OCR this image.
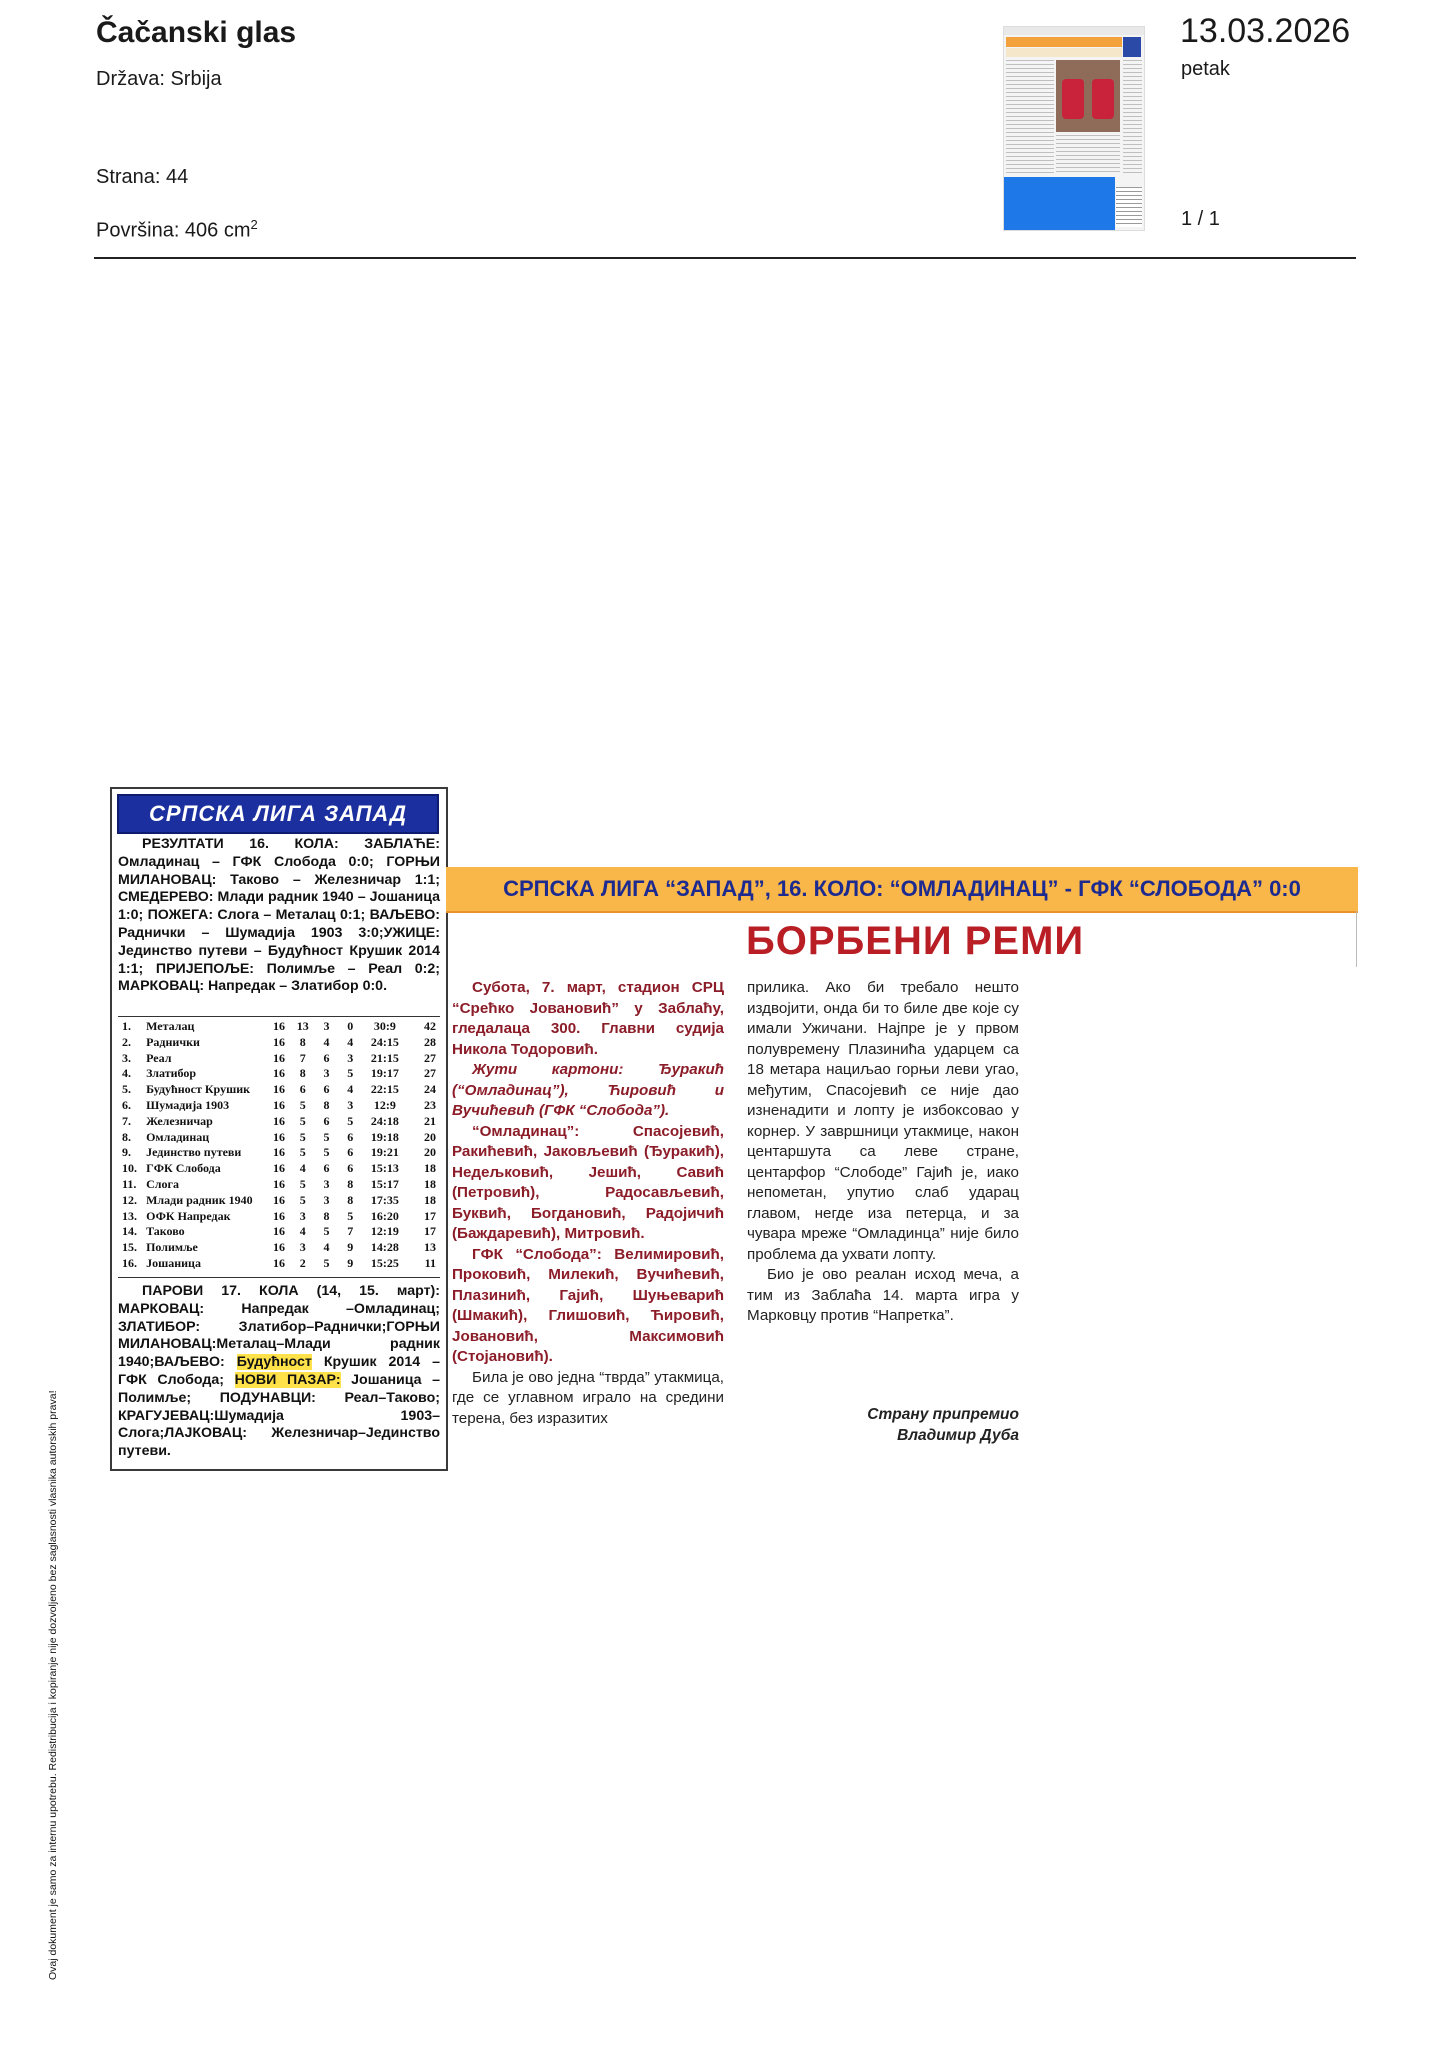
Čačanski glas
Država: Srbija
Strana: 44
Površina: 406 $cm^2$
13.03.2026
petak
1 / 1
Ovaj dokument je samo za internu upotrebu. Redistribucija i kopiranje nije dozvoljeno bez saglasnosti vlasnika autorskih prava!
СРПСКА ЛИГА ЗАПАД
РЕЗУЛТАТИ 16. КОЛА: ЗАБЛАЋЕ: Омладинац – ГФК Слобода 0:0; ГОРЊИ МИЛАНОВАЦ: Таково – Железничар 1:1; СМЕДЕРЕВО: Млади радник 1940 – Јошаница 1:0; ПОЖЕГА: Слога – Металац 0:1; ВАЉЕВО: Раднички – Шумадија 1903 3:0;УЖИЦЕ: Јединство путеви – Будућност Крушик 2014 1:1; ПРИЈЕПОЉЕ: Полимље – Реал 0:2; МАРКОВАЦ: Напредак – Златибор 0:0.
1.	Металац	16	13	3	0	30:9	42
2.	Раднички	16	8	4	4	24:15	28
3.	Реал	16	7	6	3	21:15	27
4.	Златибор	16	8	3	5	19:17	27
5.	Будућност Крушик	16	6	6	4	22:15	24
6.	Шумадија 1903	16	5	8	3	12:9	23
7.	Железничар	16	5	6	5	24:18	21
8.	Омладинац	16	5	5	6	19:18	20
9.	Јединство путеви	16	5	5	6	19:21	20
10.	ГФК Слобода	16	4	6	6	15:13	18
11.	Слога	16	5	3	8	15:17	18
12.	Млади радник 1940	16	5	3	8	17:35	18
13.	ОФК Напредак	16	3	8	5	16:20	17
14.	Таково	16	4	5	7	12:19	17
15.	Полимље	16	3	4	9	14:28	13
16.	Јошаница	16	2	5	9	15:25	11
ПАРОВИ 17. КОЛА (14, 15. март): МАРКОВАЦ: Напредак –Омладинац; ЗЛАТИБОР: Златибор–Раднички;ГОРЊИ МИЛАНОВАЦ:Металац–Млади радник 1940;ВАЉЕВО: Будућност Крушик 2014 – ГФК Слобода; НОВИ ПАЗАР: Јошаница – Полимље; ПОДУНАВЦИ: Реал–Таково; КРАГУЈЕВАЦ:Шумадија 1903–Слога;ЛАЈКОВАЦ: Железничар–Јединство путеви.
СРПСКА ЛИГА “ЗАПАД”, 16. КОЛО: “ОМЛАДИНАЦ” - ГФК “СЛОБОДА” 0:0
БОРБЕНИ РЕМИ

Субота, 7. март, стадион СРЦ “Срећко Јовановић” у Заблаћу, гледалаца 300. Главни судија Никола Тодоровић.

Жути картони: Ђуракић (“Омладинац”), Ћировић и Вучићевић (ГФК “Слобода”).

“Омладинац”: Спасојевић, Ракићевић, Јаковљевић (Ђуракић), Недељковић, Јешић, Савић (Петровић), Радосављевић, Буквић, Богдановић, Радојичић (Баждаревић), Митровић.

ГФК “Слобода”: Велимировић, Проковић, Милекић, Вучићевић, Плазинић, Гајић, Шуњеварић (Шмакић), Глишовић, Ћировић, Јовановић, Максимовић (Стојановић).

Била је ово једна “тврда” утакмица, где се углавном играло на средини терена, без изразитих

прилика. Ако би требало нешто издвојити, онда би то биле две које су имали Ужичани. Најпре је у првом полувремену Плазинића ударцем са 18 метара нациљао горњи леви угао, међутим, Спасојевић се није дао изненадити и лопту је избоксовао у корнер. У завршници утакмице, након центаршута са леве стране, центарфор “Слободе” Гајић је, иако непометан, упутио слаб ударац главом, негде иза петерца, и за чувара мреже “Омладинца” није било проблема да ухвати лопту.

Био је ово реалан исход меча, а тим из Заблаћа 14. марта игра у Марковцу против “Напретка”.

Страну припремио
Владимир Дуба
